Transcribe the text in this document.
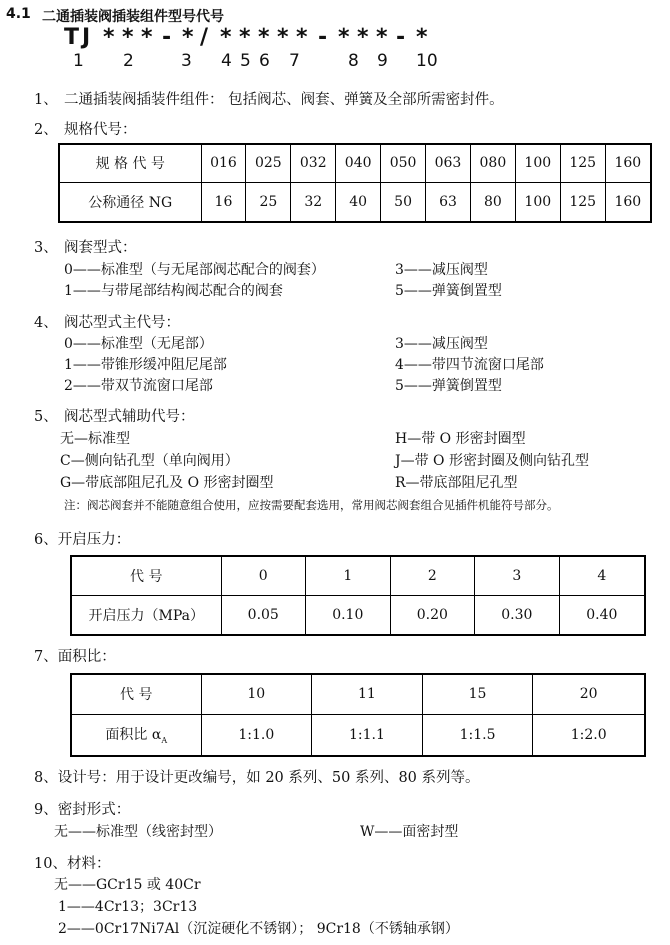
4.1 二通插装阀插装组件型号代号
T J * * * - * / * * * * * - * * * - *
1 2	3 4 5 6 7	8 9 10
1、 二通插装阀插装件组件： 包括阀芯、阀套、弹簧及全部所需密封件。
2、 规格代号：
规 格 代 号	016	025	032	040	050	063	080	100	125	160
公称通径 NG	16	25	32	40	50	63	80	100	125	160
3、 阀套型式：
0——标准型（与无尾部阀芯配合的阀套）
1——与带尾部结构阀芯配合的阀套
3——减压阀型
5——弹簧倒置型
4、 阀芯型式主代号：
0——标准型（无尾部）
1——带锥形缓冲阻尼尾部
2——带双节流窗口尾部
3——减压阀型
4——带四节流窗口尾部
5——弹簧倒置型
5、 阀芯型式辅助代号：
无—标准型
C—侧向钻孔型（单向阀用）
G—带底部阻尼孔及 O 形密封圈型
H—带 O 形密封圈型
J—带 O 形密封圈及侧向钻孔型
R—带底部阻尼孔型
注：阀芯阀套并不能随意组合使用，应按需要配套选用，常用阀芯阀套组合见插件机能符号部分。
6、开启压力：
代 号	0	1	2	3	4
开启压力（MPa）	0.05	0.10	0.20	0.30	0.40
7、面积比：
代 号	10	11	15	20
面积比 $\alpha_A$	1:1.0	1:1.1	1:1.5	1:2.0
8、设计号：用于设计更改编号，如 20 系列、50 系列、80 系列等。
9、密封形式：
无——标准型（线密封型）	W——面密封型
10、材料：
无——GCr15 或 40Cr
1——4Cr13；3Cr13
2——0Cr17Ni7Al（沉淀硬化不锈钢）； 9Cr18（不锈轴承钢）
